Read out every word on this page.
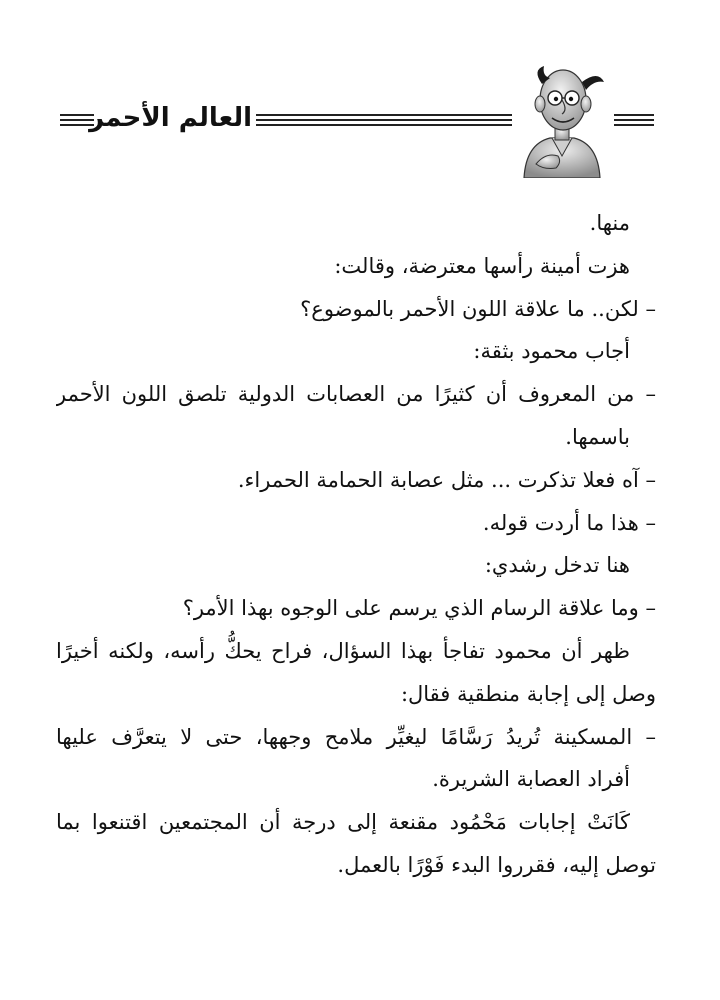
العالم الأحمر
منها.
هزت أمينة رأسها معترضة، وقالت:
– لكن.. ما علاقة اللون الأحمر بالموضوع؟
أجاب محمود بثقة:
– من المعروف أن كثيرًا من العصابات الدولية تلصق اللون الأحمر
باسمها.
– آه فعلا تذكرت ... مثل عصابة الحمامة الحمراء.
– هذا ما أردت قوله.
هنا تدخل رشدي:
– وما علاقة الرسام الذي يرسم على الوجوه بهذا الأمر؟
ظهر أن محمود تفاجأ بهذا السؤال، فراح يحكُّ رأسه، ولكنه أخيرًا
وصل إلى إجابة منطقية فقال:
– المسكينة تُريدُ رَسَّامًا ليغيِّر ملامح وجهها، حتى لا يتعرَّف عليها
أفراد العصابة الشريرة.
كَانَتْ إجابات مَحْمُود مقنعة إلى درجة أن المجتمعين اقتنعوا بما
توصل إليه، فقرروا البدء فَوْرًا بالعمل.
